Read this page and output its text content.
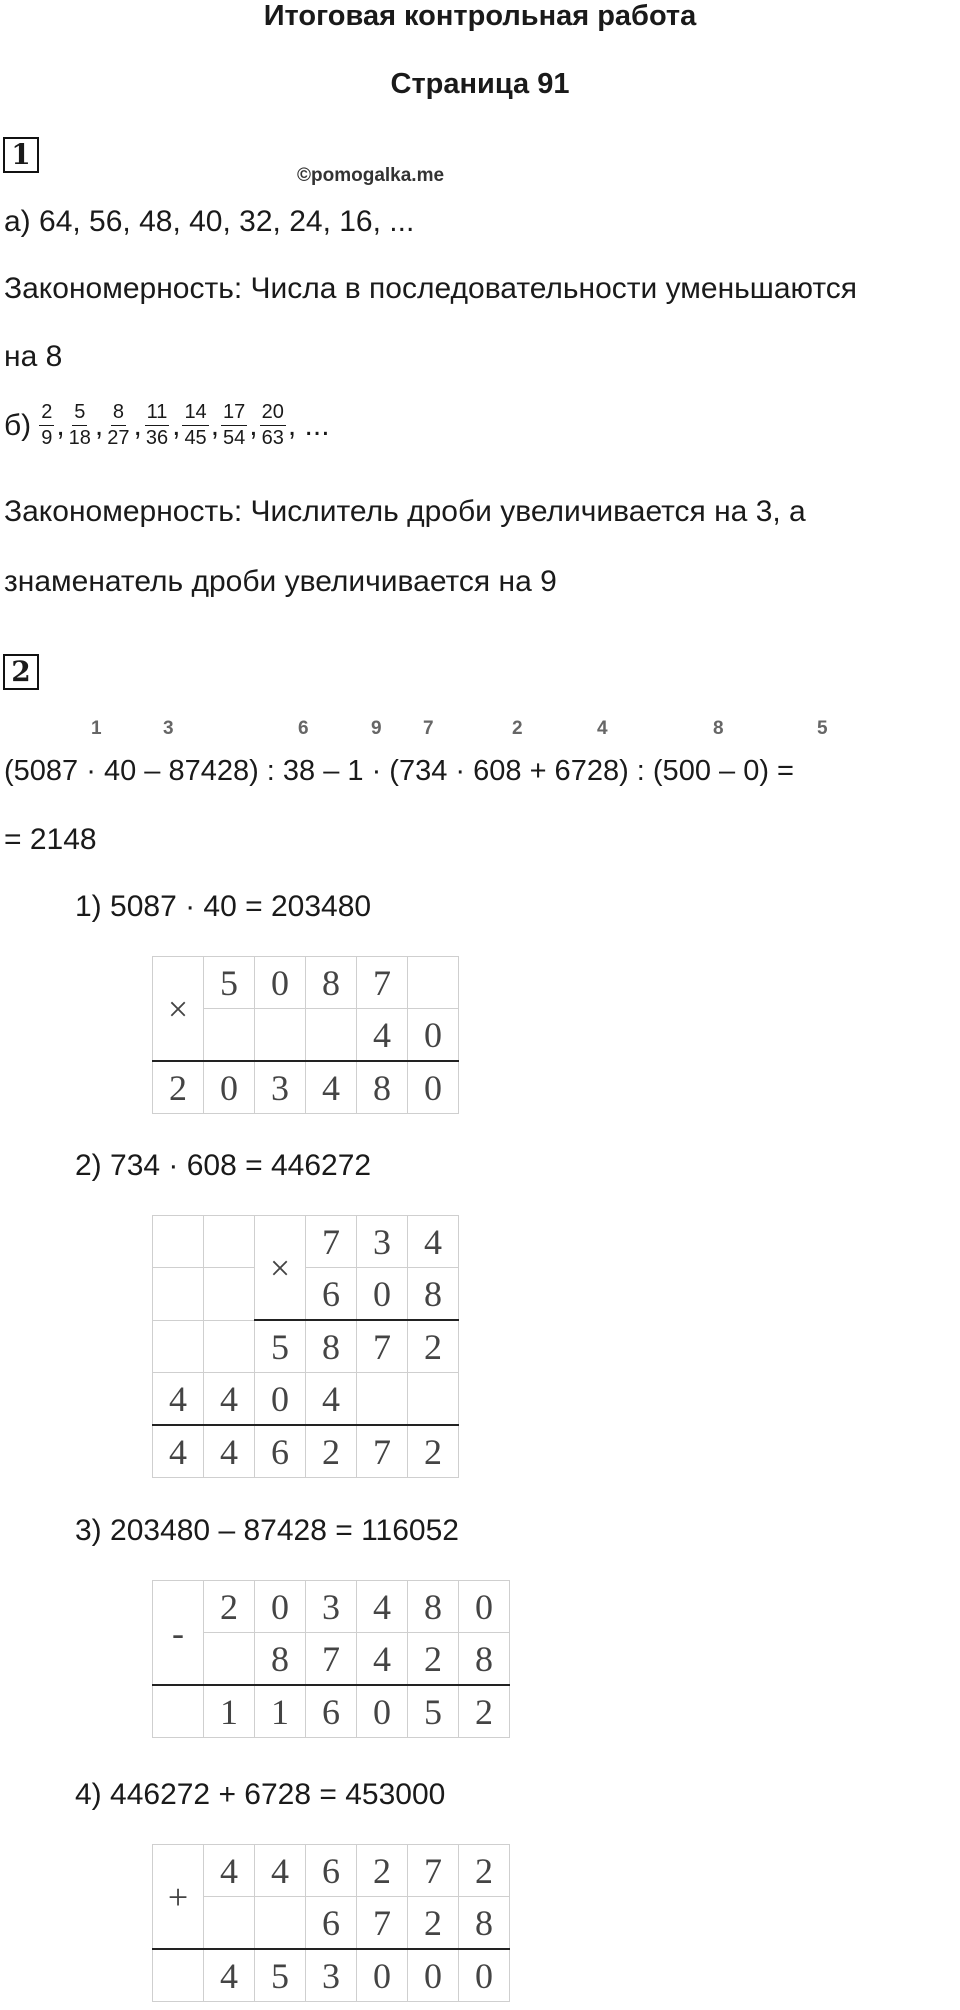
Итоговая контрольная работа
Страница 91
1
©pomogalka.me
а) 64, 56, 48, 40, 32, 24, 16, ...
Закономерность: Числа в последовательности уменьшаются
на 8
$б) \frac{2}{9}$ , $\frac{5}{18}$ , $\frac{8}{27}$ , $\frac{11}{36}$ , $\frac{14}{45}$ , $\frac{17}{54}$ , $\frac{20}{63}$ , ...
Закономерность: Числитель дроби увеличивается на 3, а
знаменатель дроби увеличивается на 9
2
1	3	6	9 7	2	4	8	5
(5087 · 40 – 87428) : 38 – 1 · (734 · 608 + 6728) : (500 – 0) =
= 2148
1) 5087 · 40 = 203480
×	5	0	8	7	
				4	0
2	0	3	4	8	0
2) 734 · 608 = 446272
		×	7	3	4
			6	0	8
		5	8	7	2
4	4	0	4		
4	4	6	2	7	2
3) 203480 – 87428 = 116052
-	2	0	3	4	8	0
		8	7	4	2	8
	1	1	6	0	5	2
4) 446272 + 6728 = 453000
+	4	4	6	2	7	2
			6	7	2	8
	4	5	3	0	0	0
